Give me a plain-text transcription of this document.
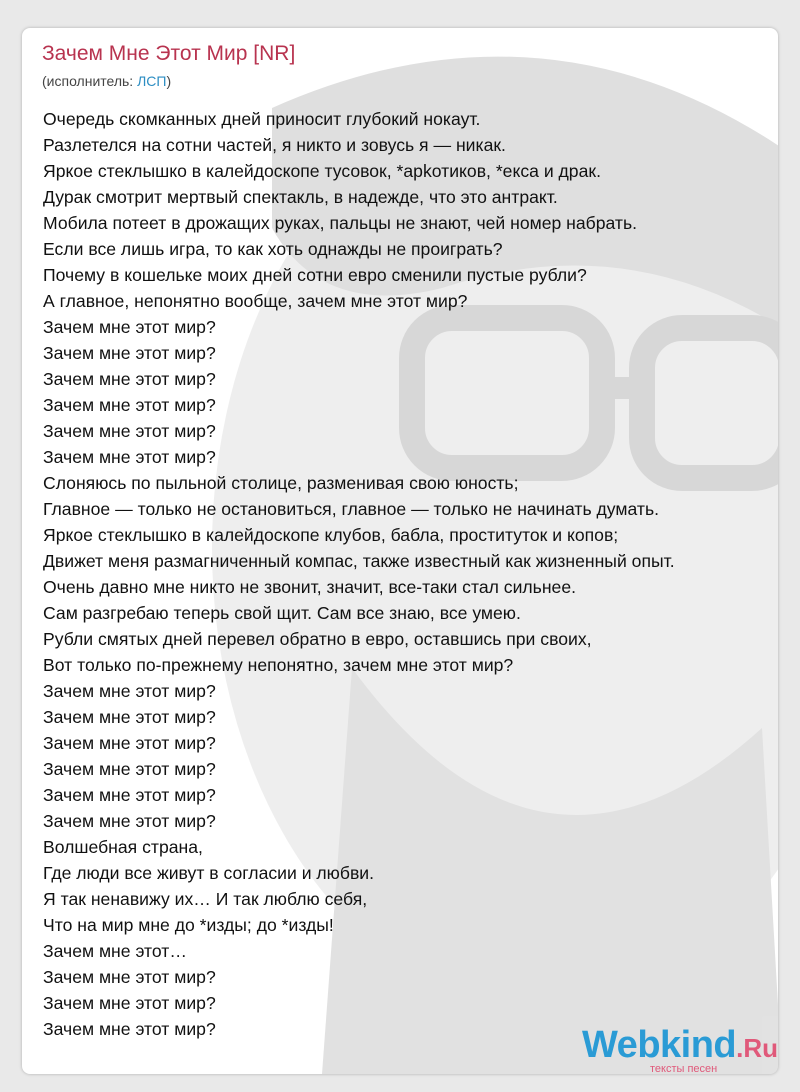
Зачем Мне Этот Мир [NR]
(исполнитель: ЛСП)
Очередь скомканных дней приносит глубокий нокаут.
Разлетелся на сотни частей, я никто и зовусь я — никак.
Яркое стеклышко в калейдоскопе тусовок, *арkотиков, *екса и драк.
Дурак смотрит мертвый спектакль, в надежде, что это антракт.
Мобила потеет в дрожащих руках, пальцы не знают, чей номер набрать.
Если все лишь игра, то как хоть однажды не проиграть?
Почему в кошельке моих дней сотни евро сменили пустые рубли?
А главное, непонятно вообще, зачем мне этот мир?
Зачем мне этот мир?
Зачем мне этот мир?
Зачем мне этот мир?
Зачем мне этот мир?
Зачем мне этот мир?
Зачем мне этот мир?
Слоняюсь по пыльной столице, разменивая свою юность;
Главное — только не остановиться, главное — только не начинать думать.
Яркое стеклышко в калейдоскопе клубов, бабла, проституток и копов;
Движет меня размагниченный компас, также известный как жизненный опыт.
Очень давно мне никто не звонит, значит, все-таки стал сильнее.
Сам разгребаю теперь свой щит. Сам все знаю, все умею.
Рубли смятых дней перевел обратно в евро, оставшись при своих,
Вот только по-прежнему непонятно, зачем мне этот мир?
Зачем мне этот мир?
Зачем мне этот мир?
Зачем мне этот мир?
Зачем мне этот мир?
Зачем мне этот мир?
Зачем мне этот мир?
Волшебная страна,
Где люди все живут в согласии и любви.
Я так ненавижу их… И так люблю себя,
Что на мир мне до *изды; до *изды!
Зачем мне этот…
Зачем мне этот мир?
Зачем мне этот мир?
Зачем мне этот мир?	Webkind.Ru
тексты песен
